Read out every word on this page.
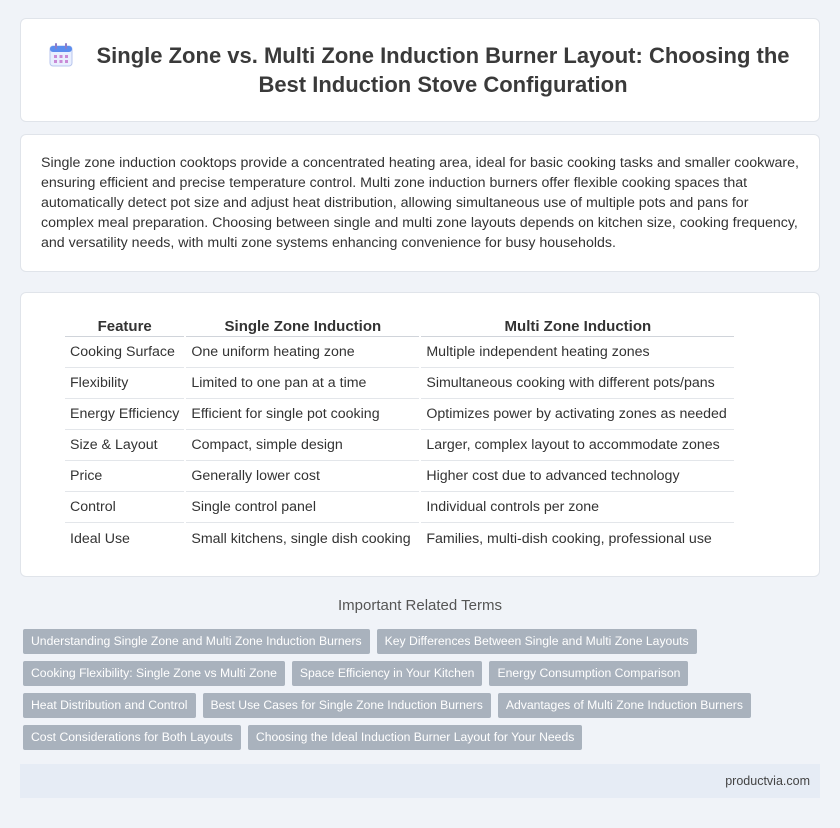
Single Zone vs. Multi Zone Induction Burner Layout: Choosing the Best Induction Stove Configuration

Single zone induction cooktops provide a concentrated heating area, ideal for basic cooking tasks and smaller cookware, ensuring efficient and precise temperature control. Multi zone induction burners offer flexible cooking spaces that automatically detect pot size and adjust heat distribution, allowing simultaneous use of multiple pots and pans for complex meal preparation. Choosing between single and multi zone layouts depends on kitchen size, cooking frequency, and versatility needs, with multi zone systems enhancing convenience for busy households.

Feature	Single Zone Induction	Multi Zone Induction
Cooking Surface	One uniform heating zone	Multiple independent heating zones
Flexibility	Limited to one pan at a time	Simultaneous cooking with different pots/pans
Energy Efficiency	Efficient for single pot cooking	Optimizes power by activating zones as needed
Size & Layout	Compact, simple design	Larger, complex layout to accommodate zones
Price	Generally lower cost	Higher cost due to advanced technology
Control	Single control panel	Individual controls per zone
Ideal Use	Small kitchens, single dish cooking	Families, multi-dish cooking, professional use
Important Related Terms
Understanding Single Zone and Multi Zone Induction Burners	Key Differences Between Single and Multi Zone Layouts
Cooking Flexibility: Single Zone vs Multi Zone	Space Efficiency in Your Kitchen	Energy Consumption Comparison
Heat Distribution and Control	Best Use Cases for Single Zone Induction Burners	Advantages of Multi Zone Induction Burners
Cost Considerations for Both Layouts	Choosing the Ideal Induction Burner Layout for Your Needs
productvia.com
